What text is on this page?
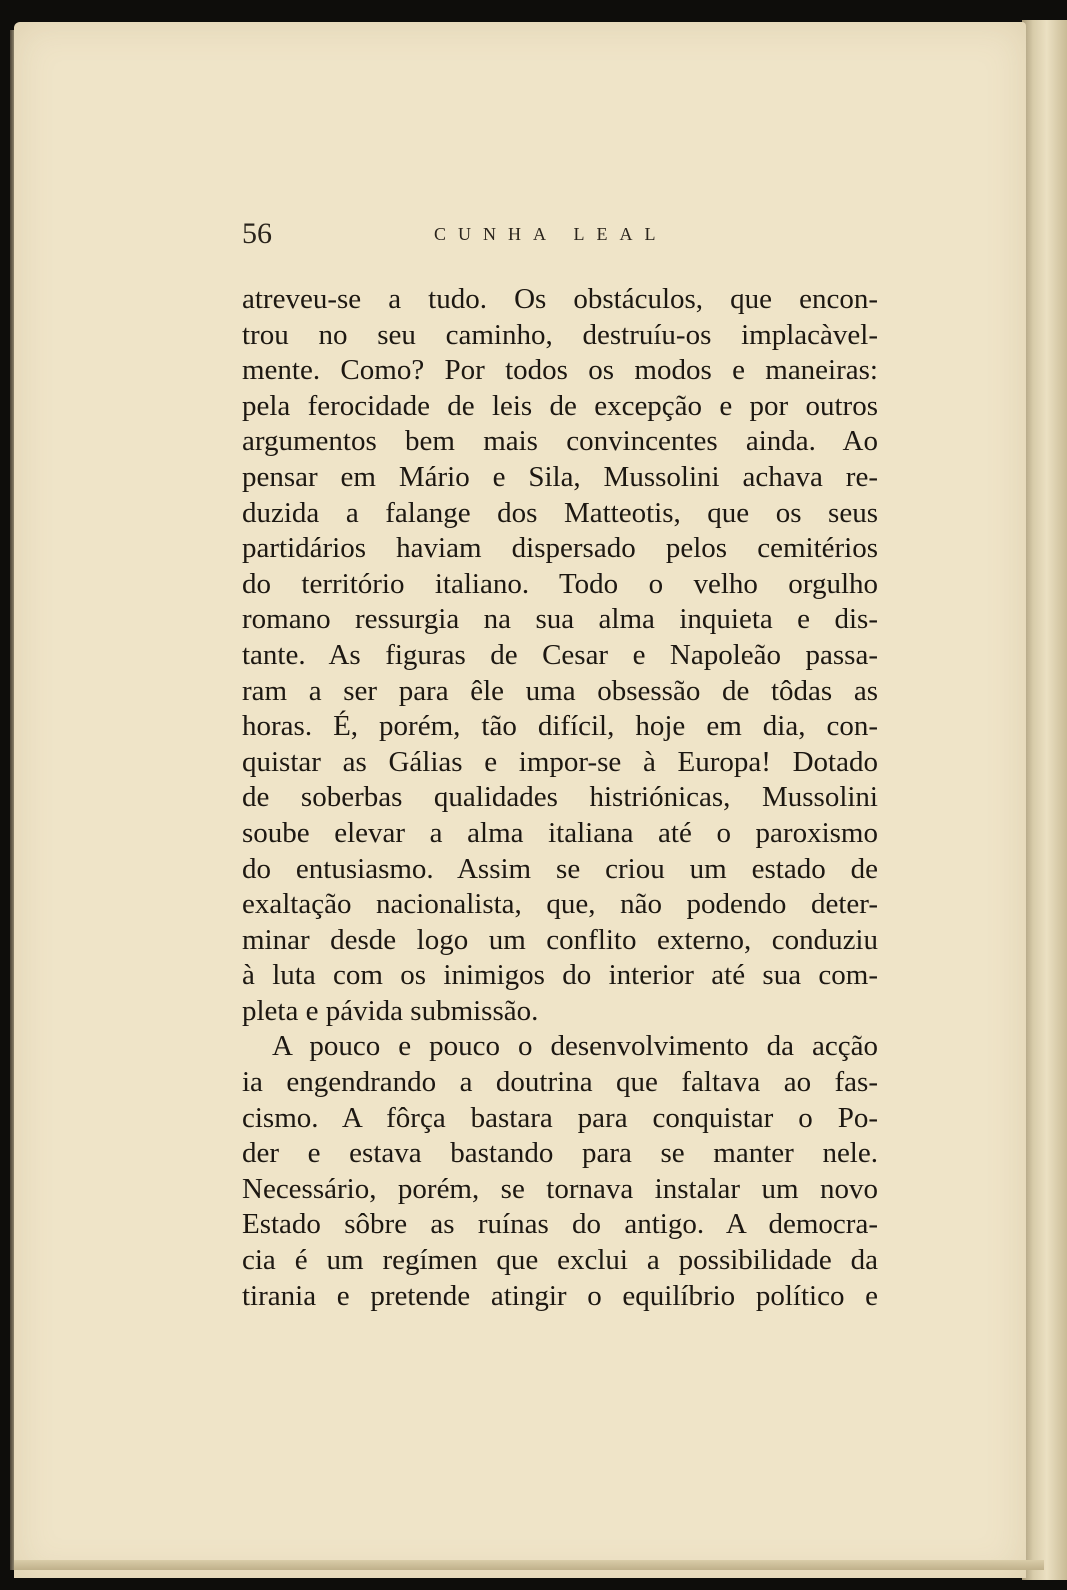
56	CUNHA LEAL

atreveu-se a tudo. Os obstáculos, que encon-
trou no seu caminho, destruíu-os implacàvel-
mente. Como? Por todos os modos e maneiras:
pela ferocidade de leis de excepção e por outros
argumentos bem mais convincentes ainda. Ao
pensar em Mário e Sila, Mussolini achava re-
duzida a falange dos Matteotis, que os seus
partidários haviam dispersado pelos cemitérios
do território italiano. Todo o velho orgulho
romano ressurgia na sua alma inquieta e dis-
tante. As figuras de Cesar e Napoleão passa-
ram a ser para êle uma obsessão de tôdas as
horas. É, porém, tão difícil, hoje em dia, con-
quistar as Gálias e impor-se à Europa! Dotado
de soberbas qualidades histriónicas, Mussolini
soube elevar a alma italiana até o paroxismo
do entusiasmo. Assim se criou um estado de
exaltação nacionalista, que, não podendo deter-
minar desde logo um conflito externo, conduziu
à luta com os inimigos do interior até sua com-
pleta e pávida submissão.

A pouco e pouco o desenvolvimento da acção
ia engendrando a doutrina que faltava ao fas-
cismo. A fôrça bastara para conquistar o Po-
der e estava bastando para se manter nele.
Necessário, porém, se tornava instalar um novo
Estado sôbre as ruínas do antigo. A democra-
cia é um regímen que exclui a possibilidade da
tirania e pretende atingir o equilíbrio político e
